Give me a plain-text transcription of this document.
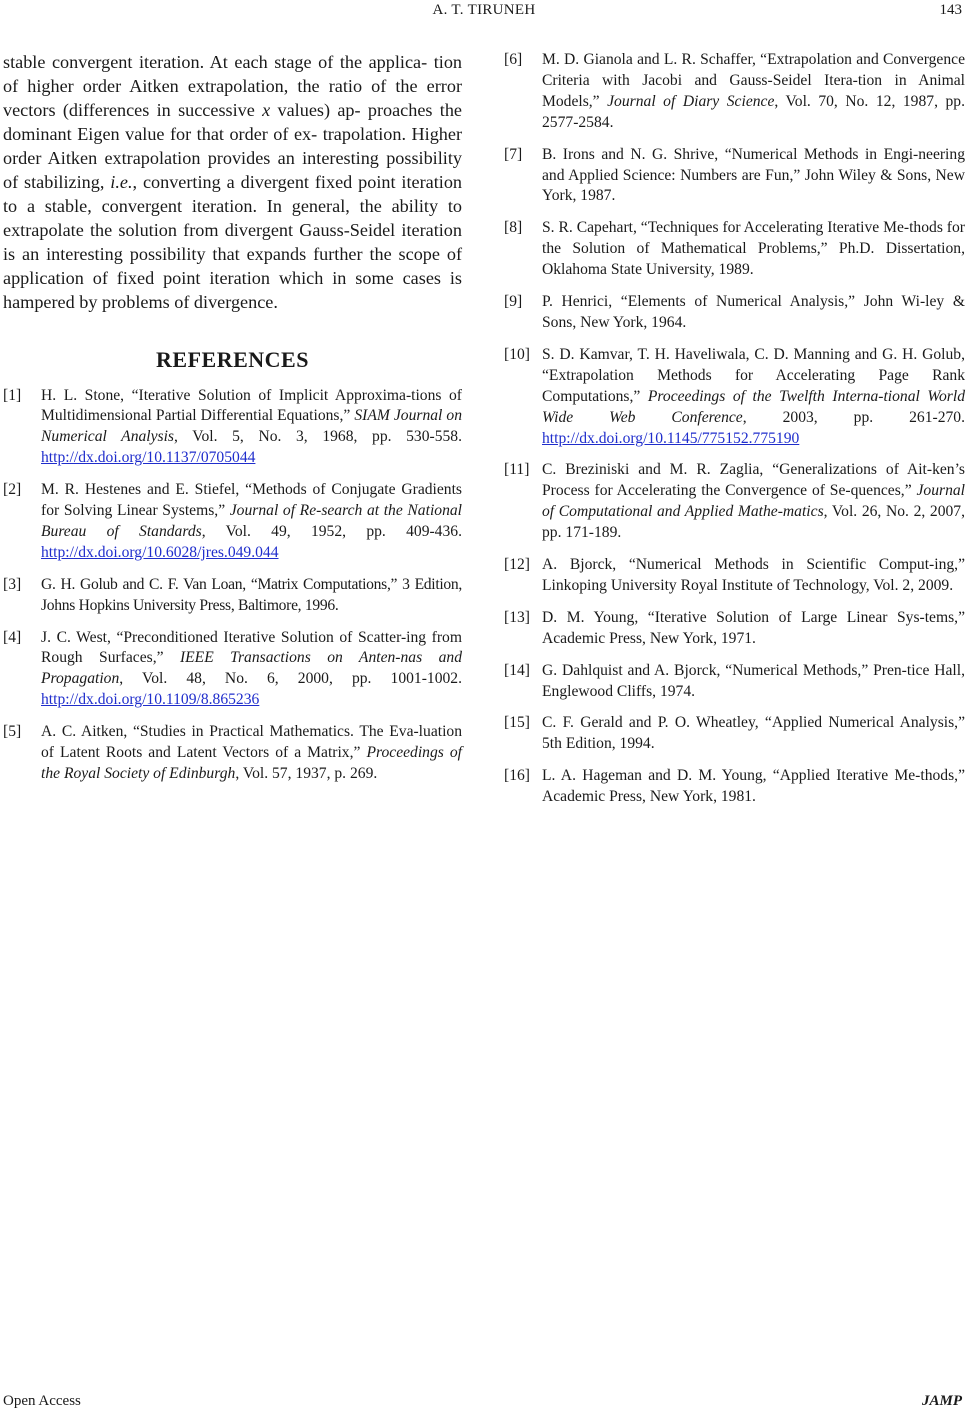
A. T. TIRUNEH	143

stable convergent iteration. At each stage of the applica- tion of higher order Aitken extrapolation, the ratio of the error vectors (differences in successive x values) ap- proaches the dominant Eigen value for that order of ex- trapolation. Higher order Aitken extrapolation provides an interesting possibility of stabilizing, i.e., converting a divergent fixed point iteration to a stable, convergent iteration. In general, the ability to extrapolate the solution from divergent Gauss-Seidel iteration is an interesting possibility that expands further the scope of application of fixed point iteration which in some cases is hampered by problems of divergence.

REFERENCES
[1]	H. L. Stone, “Iterative Solution of Implicit Approxima-tions of Multidimensional Partial Differential Equations,” SIAM Journal on Numerical Analysis, Vol. 5, No. 3, 1968, pp. 530-558. http://dx.doi.org/10.1137/0705044
[2]	M. R. Hestenes and E. Stiefel, “Methods of Conjugate Gradients for Solving Linear Systems,” Journal of Re-search at the National Bureau of Standards, Vol. 49, 1952, pp. 409-436. http://dx.doi.org/10.6028/jres.049.044
[3]	G. H. Golub and C. F. Van Loan, “Matrix Computations,” 3 Edition, Johns Hopkins University Press, Baltimore, 1996.
[4]	J. C. West, “Preconditioned Iterative Solution of Scatter-ing from Rough Surfaces,” IEEE Transactions on Anten-nas and Propagation, Vol. 48, No. 6, 2000, pp. 1001-1002. http://dx.doi.org/10.1109/8.865236
[5]	A. C. Aitken, “Studies in Practical Mathematics. The Eva-luation of Latent Roots and Latent Vectors of a Matrix,” Proceedings of the Royal Society of Edinburgh, Vol. 57, 1937, p. 269.
[6]	M. D. Gianola and L. R. Schaffer, “Extrapolation and Convergence Criteria with Jacobi and Gauss-Seidel Itera-tion in Animal Models,” Journal of Diary Science, Vol. 70, No. 12, 1987, pp. 2577-2584.
[7]	B. Irons and N. G. Shrive, “Numerical Methods in Engi-neering and Applied Science: Numbers are Fun,” John Wiley & Sons, New York, 1987.
[8]	S. R. Capehart, “Techniques for Accelerating Iterative Me-thods for the Solution of Mathematical Problems,” Ph.D. Dissertation, Oklahoma State University, 1989.
[9]	P. Henrici, “Elements of Numerical Analysis,” John Wi-ley & Sons, New York, 1964.
[10] S. D. Kamvar, T. H. Haveliwala, C. D. Manning and G. H. Golub, “Extrapolation Methods for Accelerating Page Rank Computations,” Proceedings of the Twelfth Interna-tional World Wide Web Conference, 2003, pp. 261-270. http://dx.doi.org/10.1145/775152.775190
[11] C. Breziniski and M. R. Zaglia, “Generalizations of Ait-ken’s Process for Accelerating the Convergence of Se-quences,” Journal of Computational and Applied Mathe-matics, Vol. 26, No. 2, 2007, pp. 171-189.
[12] A. Bjorck, “Numerical Methods in Scientific Comput-ing,” Linkoping University Royal Institute of Technology, Vol. 2, 2009.
[13] D. M. Young, “Iterative Solution of Large Linear Sys-tems,” Academic Press, New York, 1971.
[14] G. Dahlquist and A. Bjorck, “Numerical Methods,” Pren-tice Hall, Englewood Cliffs, 1974.
[15] C. F. Gerald and P. O. Wheatley, “Applied Numerical Analysis,” 5th Edition, 1994.
[16] L. A. Hageman and D. M. Young, “Applied Iterative Me-thods,” Academic Press, New York, 1981.
Open Access	JAMP
